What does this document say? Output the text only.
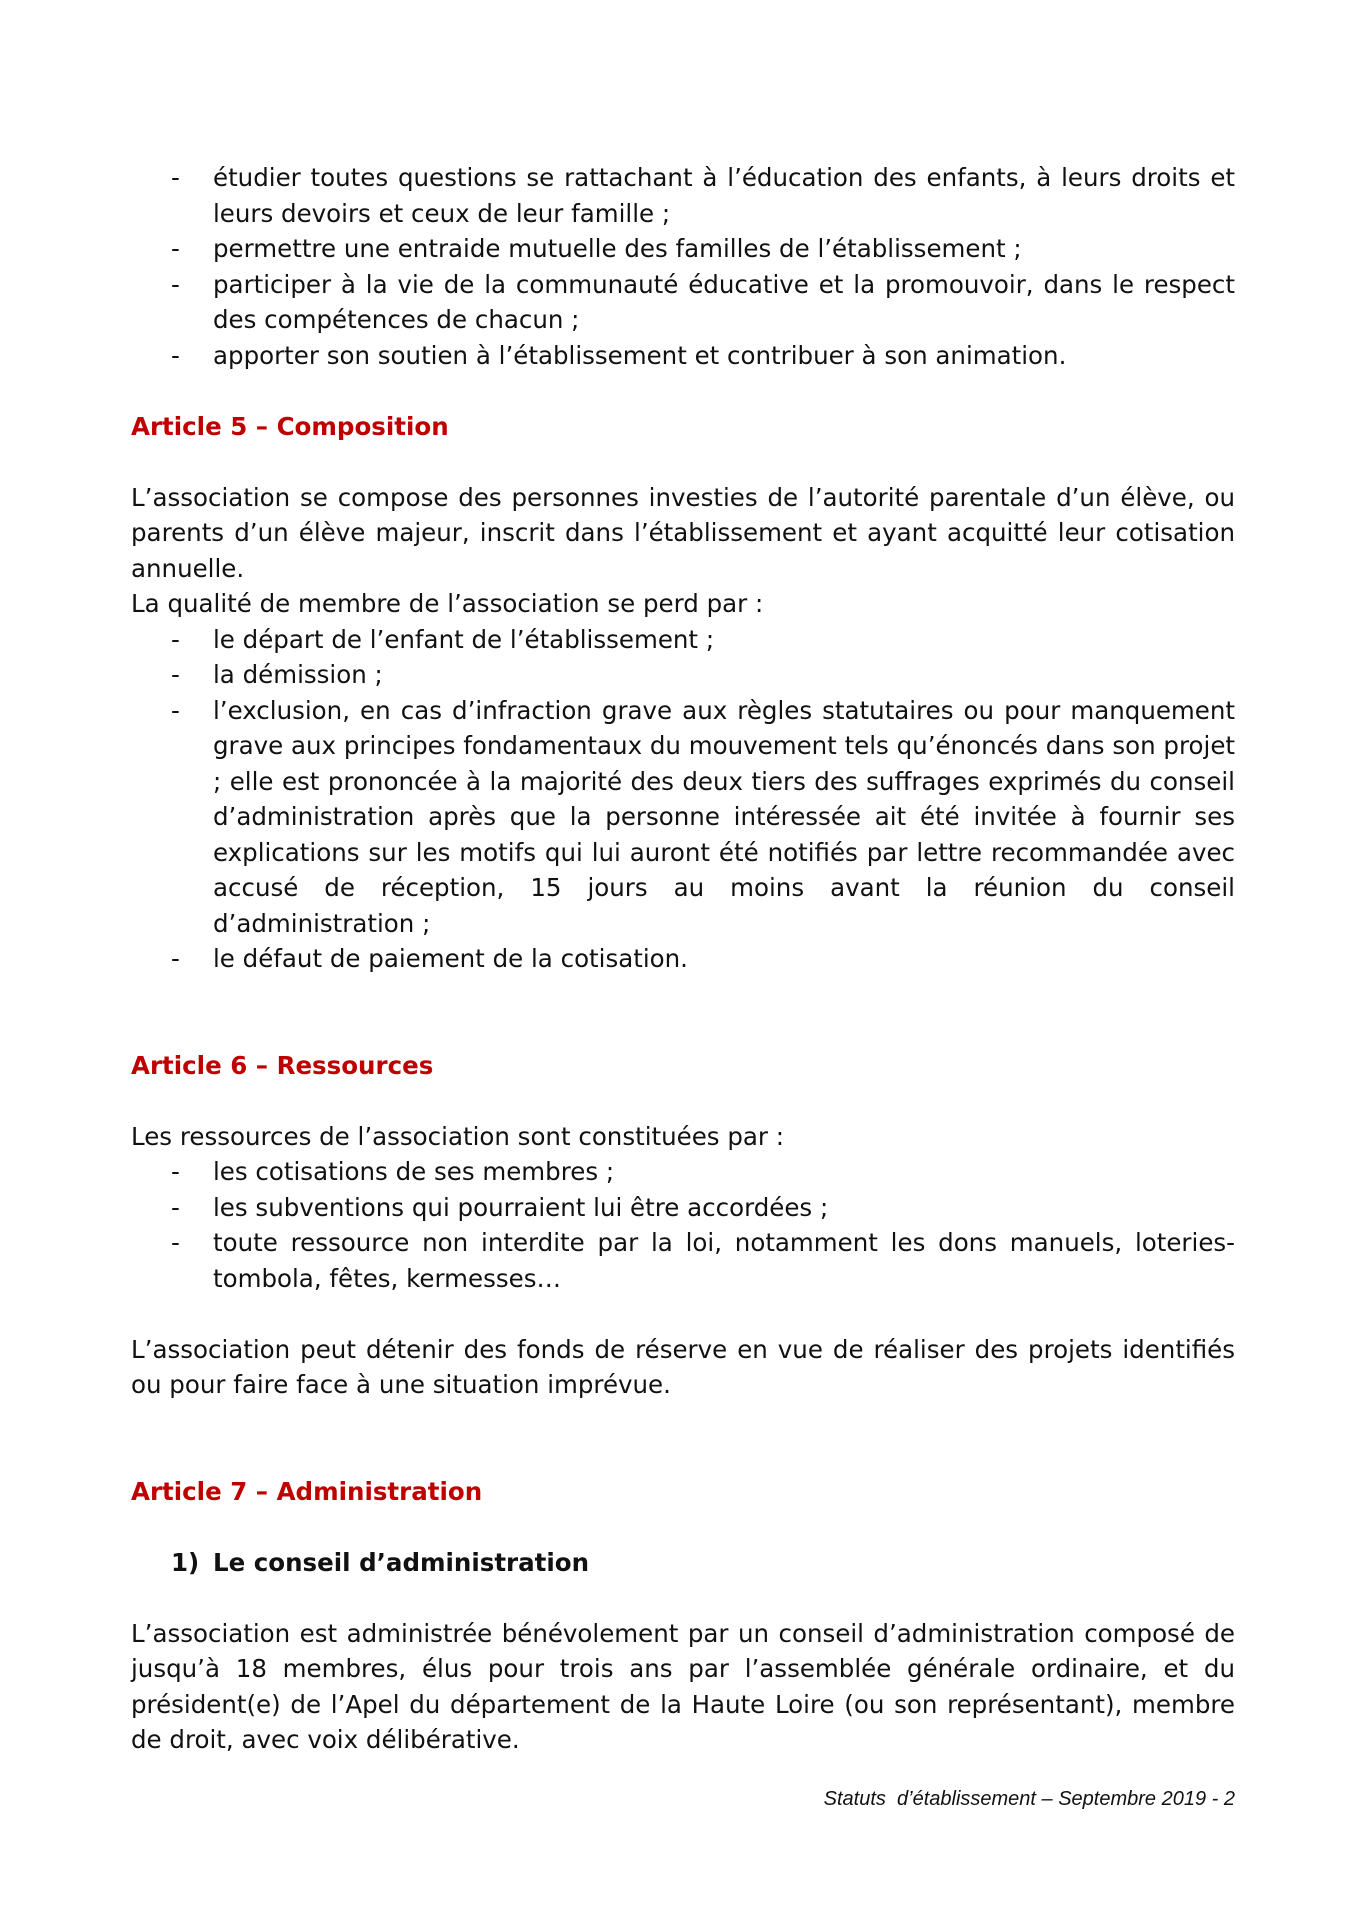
- étudier toutes questions se rattachant à l’éducation des enfants, à leurs droits et leurs devoirs et ceux de leur famille ;
- permettre une entraide mutuelle des familles de l’établissement ;
- participer à la vie de la communauté éducative et la promouvoir, dans le respect des compétences de chacun ;
- apporter son soutien à l’établissement et contribuer à son animation.
Article 5 – Composition

L’association se compose des personnes investies de l’autorité parentale d’un élève, ou parents d’un élève majeur, inscrit dans l’établissement et ayant acquitté leur cotisation annuelle.

La qualité de membre de l’association se perd par :

- le départ de l’enfant de l’établissement ;
- la démission ;
- l’exclusion, en cas d’infraction grave aux règles statutaires ou pour manquement grave aux principes fondamentaux du mouvement tels qu’énoncés dans son projet ; elle est prononcée à la majorité des deux tiers des suffrages exprimés du conseil d’administration après que la personne intéressée ait été invitée à fournir ses explications sur les motifs qui lui auront été notifiés par lettre recommandée avec accusé de réception, 15 jours au moins avant la réunion du conseil d’administration ;
- le défaut de paiement de la cotisation.
Article 6 – Ressources

Les ressources de l’association sont constituées par :

- les cotisations de ses membres ;
- les subventions qui pourraient lui être accordées ;
- toute ressource non interdite par la loi, notamment les dons manuels, loteries-tombola, fêtes, kermesses…

L’association peut détenir des fonds de réserve en vue de réaliser des projets identifiés ou pour faire face à une situation imprévue.

Article 7 – Administration
1) Le conseil d’administration

L’association est administrée bénévolement par un conseil d’administration composé de jusqu’à 18 membres, élus pour trois ans par l’assemblée générale ordinaire, et du président(e) de l’Apel du département de la Haute Loire (ou son représentant), membre de droit, avec voix délibérative.

Statuts  d’établissement – Septembre 2019 - 2
